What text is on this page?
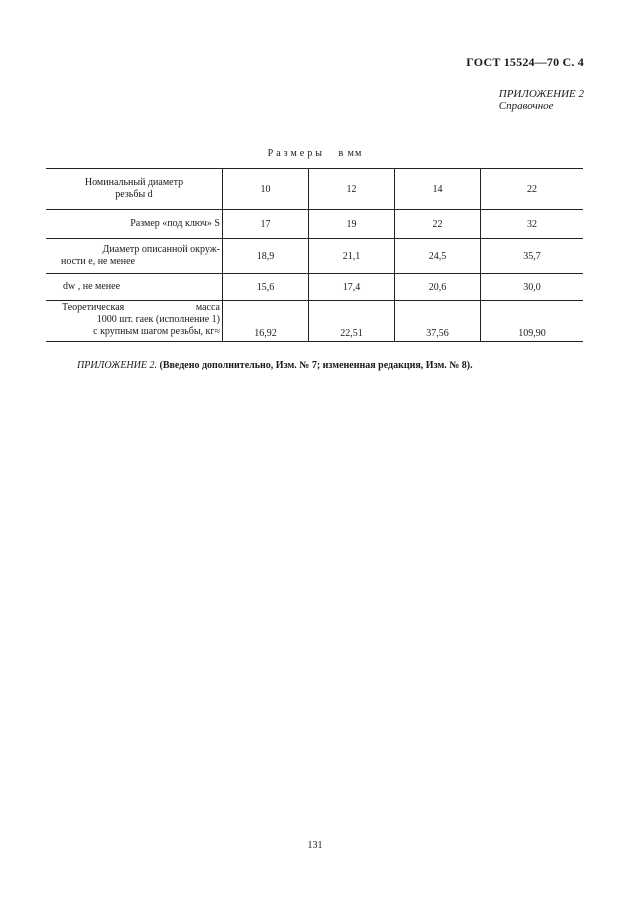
ГОСТ 15524—70 С. 4
ПРИЛОЖЕНИЕ 2
Справочное
Размеры в мм
Номинальный диаметр
резьбы d	10	12	14	22
Размер «под ключ» S	17	19	22	32

Диаметр описанной окруж-
ности е, не менее	18,9	21,1	24,5	35,7
dw , не менее	15,6	17,4	20,6	30,0

Теоретическая масса
1000 шт. гаек (исполнение 1)
с крупным шагом резьбы, кг≈	16,92	22,51	37,56	109,90
ПРИЛОЖЕНИЕ 2. (Введено дополнительно, Изм. № 7; измененная редакция, Изм. № 8).
131
